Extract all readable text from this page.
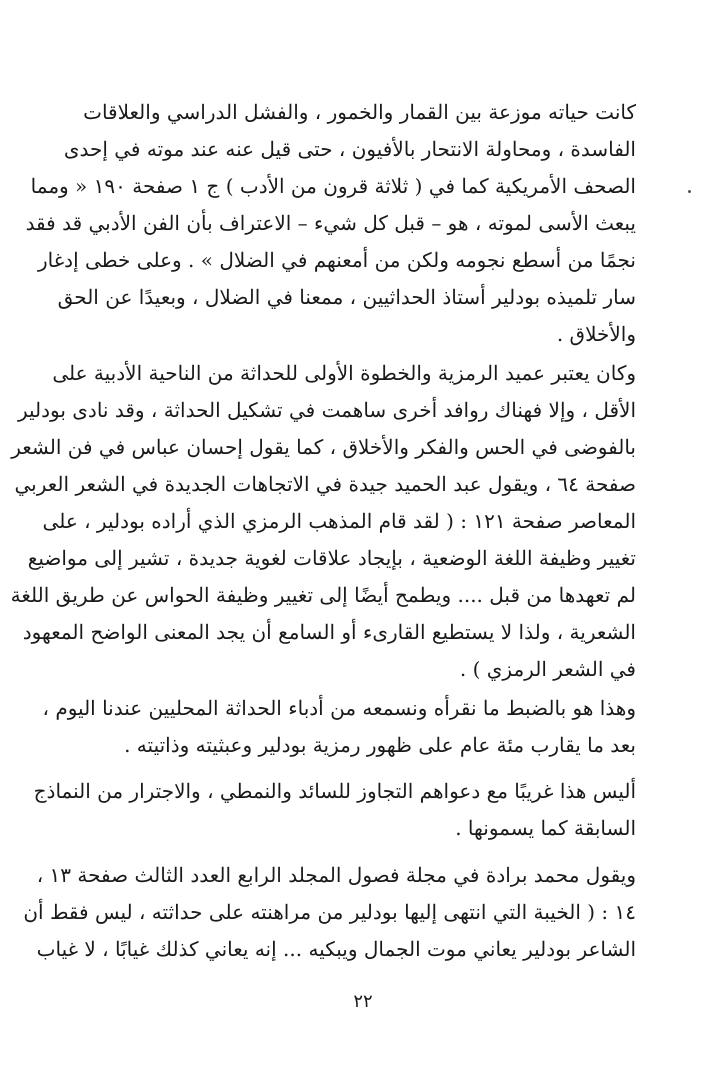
كانت حياته موزعة بين القمار والخمور ، والفشل الدراسي والعلاقات
الفاسدة ، ومحاولة الانتحار بالأفيون ، حتى قيل عنه عند موته في إحدى
الصحف الأمريكية كما في ( ثلاثة قرون من الأدب ) ج ١ صفحة ١٩٠ « ومما
يبعث الأسى لموته ، هو – قبل كل شيء – الاعتراف بأن الفن الأدبي قد فقد
نجمًا من أسطع نجومه ولكن من أمعنهم في الضلال » . وعلى خطى إدغار
سار تلميذه بودلير أستاذ الحداثيين ، ممعنا في الضلال ، وبعيدًا عن الحق
والأخلاق .
وكان يعتبر عميد الرمزية والخطوة الأولى للحداثة من الناحية الأدبية على
الأقل ، وإلا فهناك روافد أخرى ساهمت في تشكيل الحداثة ، وقد نادى بودلير
بالفوضى في الحس والفكر والأخلاق ، كما يقول إحسان عباس في فن الشعر
صفحة ٦٤ ، ويقول عبد الحميد جيدة في الاتجاهات الجديدة في الشعر العربي
المعاصر صفحة ١٢١ : ( لقد قام المذهب الرمزي الذي أراده بودلير ، على
تغيير وظيفة اللغة الوضعية ، بإيجاد علاقات لغوية جديدة ، تشير إلى مواضيع
لم تعهدها من قبل .... ويطمح أيضًا إلى تغيير وظيفة الحواس عن طريق اللغة
الشعرية ، ولذا لا يستطيع القارىء أو السامع أن يجد المعنى الواضح المعهود
في الشعر الرمزي ) .
وهذا هو بالضبط ما نقرأه ونسمعه من أدباء الحداثة المحليين عندنا اليوم ،
بعد ما يقارب مئة عام على ظهور رمزية بودلير وعبثيته وذاتيته .
أليس هذا غريبًا مع دعواهم التجاوز للسائد والنمطي ، والاجترار من النماذج
السابقة كما يسمونها .
ويقول محمد برادة في مجلة فصول المجلد الرابع العدد الثالث صفحة ١٣ ،
١٤ : ( الخيبة التي انتهى إليها بودلير من مراهنته على حداثته ، ليس فقط أن
الشاعر بودلير يعاني موت الجمال ويبكيه ... إنه يعاني كذلك غيابًا ، لا غياب
٢٢
